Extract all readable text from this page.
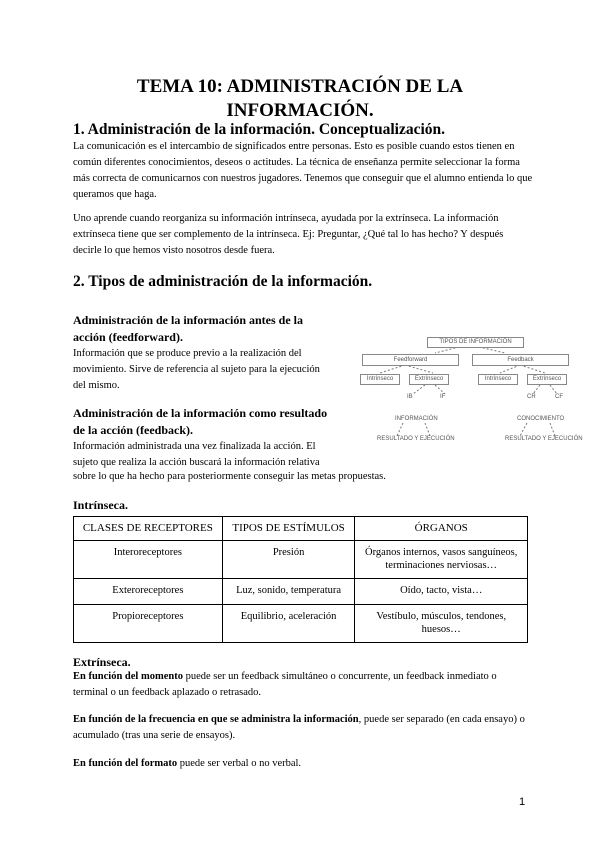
TEMA 10: ADMINISTRACIÓN DE LA
INFORMACIÓN.
1. Administración de la información. Conceptualización.
La comunicación es el intercambio de significados entre personas. Esto es posible cuando estos tienen en común diferentes conocimientos, deseos o actitudes. La técnica de enseñanza permite seleccionar la forma más correcta de comunicarnos con nuestros jugadores. Tenemos que conseguir que el alumno entienda lo que queramos que haga.
Uno aprende cuando reorganiza su información intrínseca, ayudada por la extrínseca. La información extrínseca tiene que ser complemento de la intrínseca. Ej: Preguntar, ¿Qué tal lo has hecho? Y después decirle lo que hemos visto nosotros desde fuera.
2. Tipos de administración de la información.
Administración de la información antes de la acción (feedforward).
Información que se produce previo a la realización del movimiento. Sirve de referencia al sujeto para la ejecución del mismo.
Administración de la información como resultado de la acción (feedback).
Información administrada una vez finalizada la acción. El sujeto que realiza la acción buscará la información relativa
sobre lo que ha hecho para posteriormente conseguir las metas propuestas.
TIPOS DE INFORMACIÓN
Feedforward	Feedback
Intrínseco	Extrínseco	Intrínseco	Extrínseco
IB	IF	CR	CF
INFORMACIÓN	CONOCIMIENTO
RESULTADO Y EJECUCIÓN	RESULTADO Y EJECUCIÓN
Intrínseca.
CLASES DE RECEPTORES	TIPOS DE ESTÍMULOS	ÓRGANOS
Interoreceptores	Presión	Órganos internos, vasos sanguíneos, terminaciones nerviosas…
Exteroreceptores	Luz, sonido, temperatura	Oído, tacto, vista…
Propioreceptores	Equilibrio, aceleración	Vestíbulo, músculos, tendones, huesos…
Extrínseca.
En función del momento puede ser un feedback simultáneo o concurrente, un feedback inmediato o terminal o un feedback aplazado o retrasado.
En función de la frecuencia en que se administra la información, puede ser separado (en cada ensayo) o acumulado (tras una serie de ensayos).
En función del formato puede ser verbal o no verbal.
1
